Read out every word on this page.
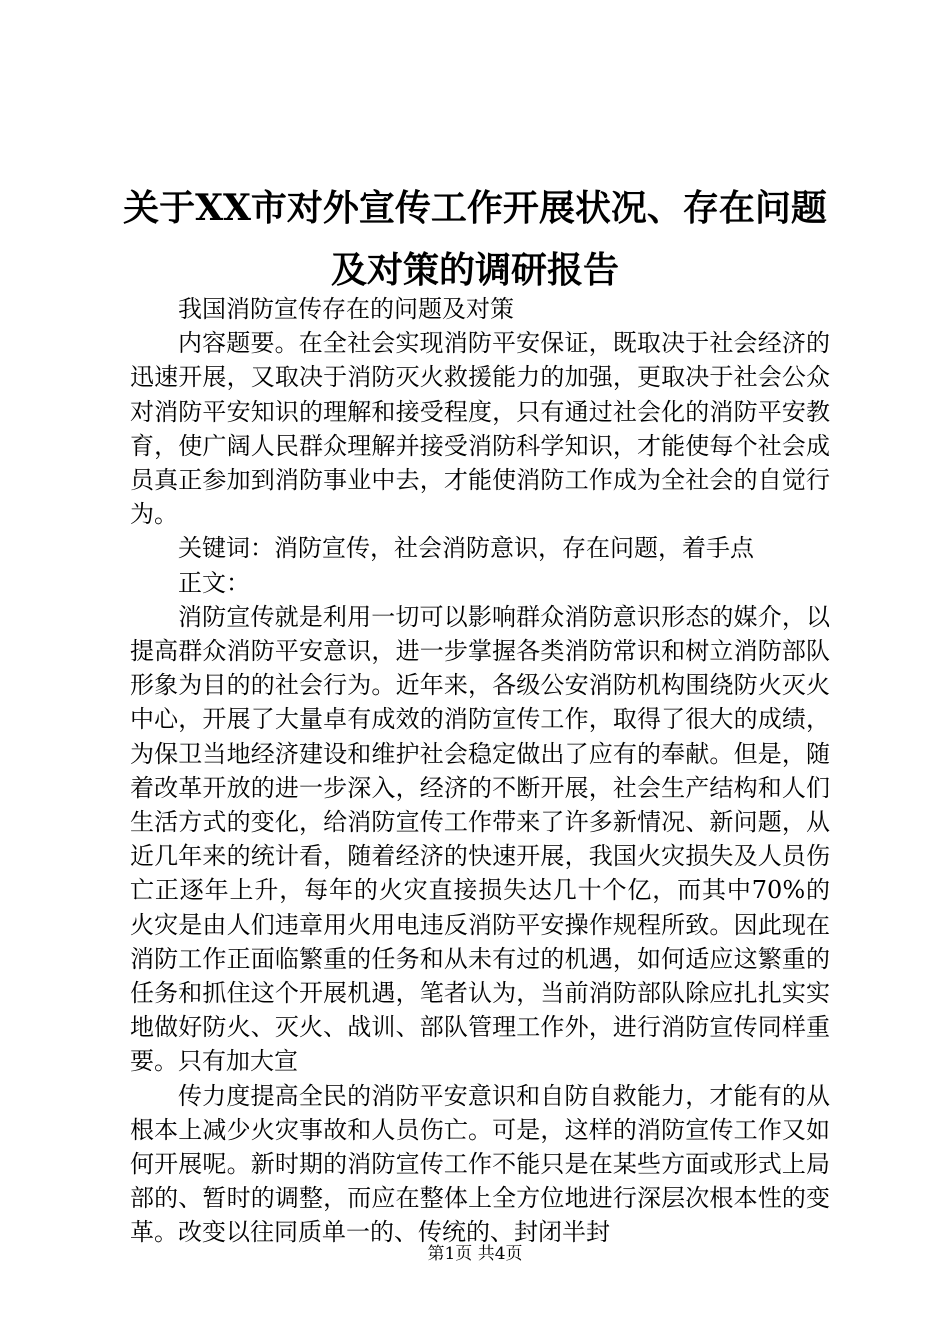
关于XX市对外宣传工作开展状况、存在问题
及对策的调研报告

我国消防宣传存在的问题及对策

内容题要。在全社会实现消防平安保证，既取决于社会经济的迅速开展，又取决于消防灭火救援能力的加强，更取决于社会公众对消防平安知识的理解和接受程度，只有通过社会化的消防平安教育，使广阔人民群众理解并接受消防科学知识，才能使每个社会成员真正参加到消防事业中去，才能使消防工作成为全社会的自觉行为。

关键词：消防宣传，社会消防意识，存在问题，着手点

正文：

消防宣传就是利用一切可以影响群众消防意识形态的媒介，以提高群众消防平安意识，进一步掌握各类消防常识和树立消防部队形象为目的的社会行为。近年来，各级公安消防机构围绕防火灭火中心，开展了大量卓有成效的消防宣传工作，取得了很大的成绩，为保卫当地经济建设和维护社会稳定做出了应有的奉献。但是，随着改革开放的进一步深入，经济的不断开展，社会生产结构和人们生活方式的变化，给消防宣传工作带来了许多新情况、新问题，从近几年来的统计看，随着经济的快速开展，我国火灾损失及人员伤亡正逐年上升，每年的火灾直接损失达几十个亿，而其中70%的火灾是由人们违章用火用电违反消防平安操作规程所致。因此现在消防工作正面临繁重的任务和从未有过的机遇，如何适应这繁重的任务和抓住这个开展机遇，笔者认为，当前消防部队除应扎扎实实地做好防火、灭火、战训、部队管理工作外，进行消防宣传同样重要。只有加大宣

传力度提高全民的消防平安意识和自防自救能力，才能有的从根本上减少火灾事故和人员伤亡。可是，这样的消防宣传工作又如何开展呢。新时期的消防宣传工作不能只是在某些方面或形式上局部的、暂时的调整，而应在整体上全方位地进行深层次根本性的变革。改变以往同质单一的、传统的、封闭半封

第1页 共4页
